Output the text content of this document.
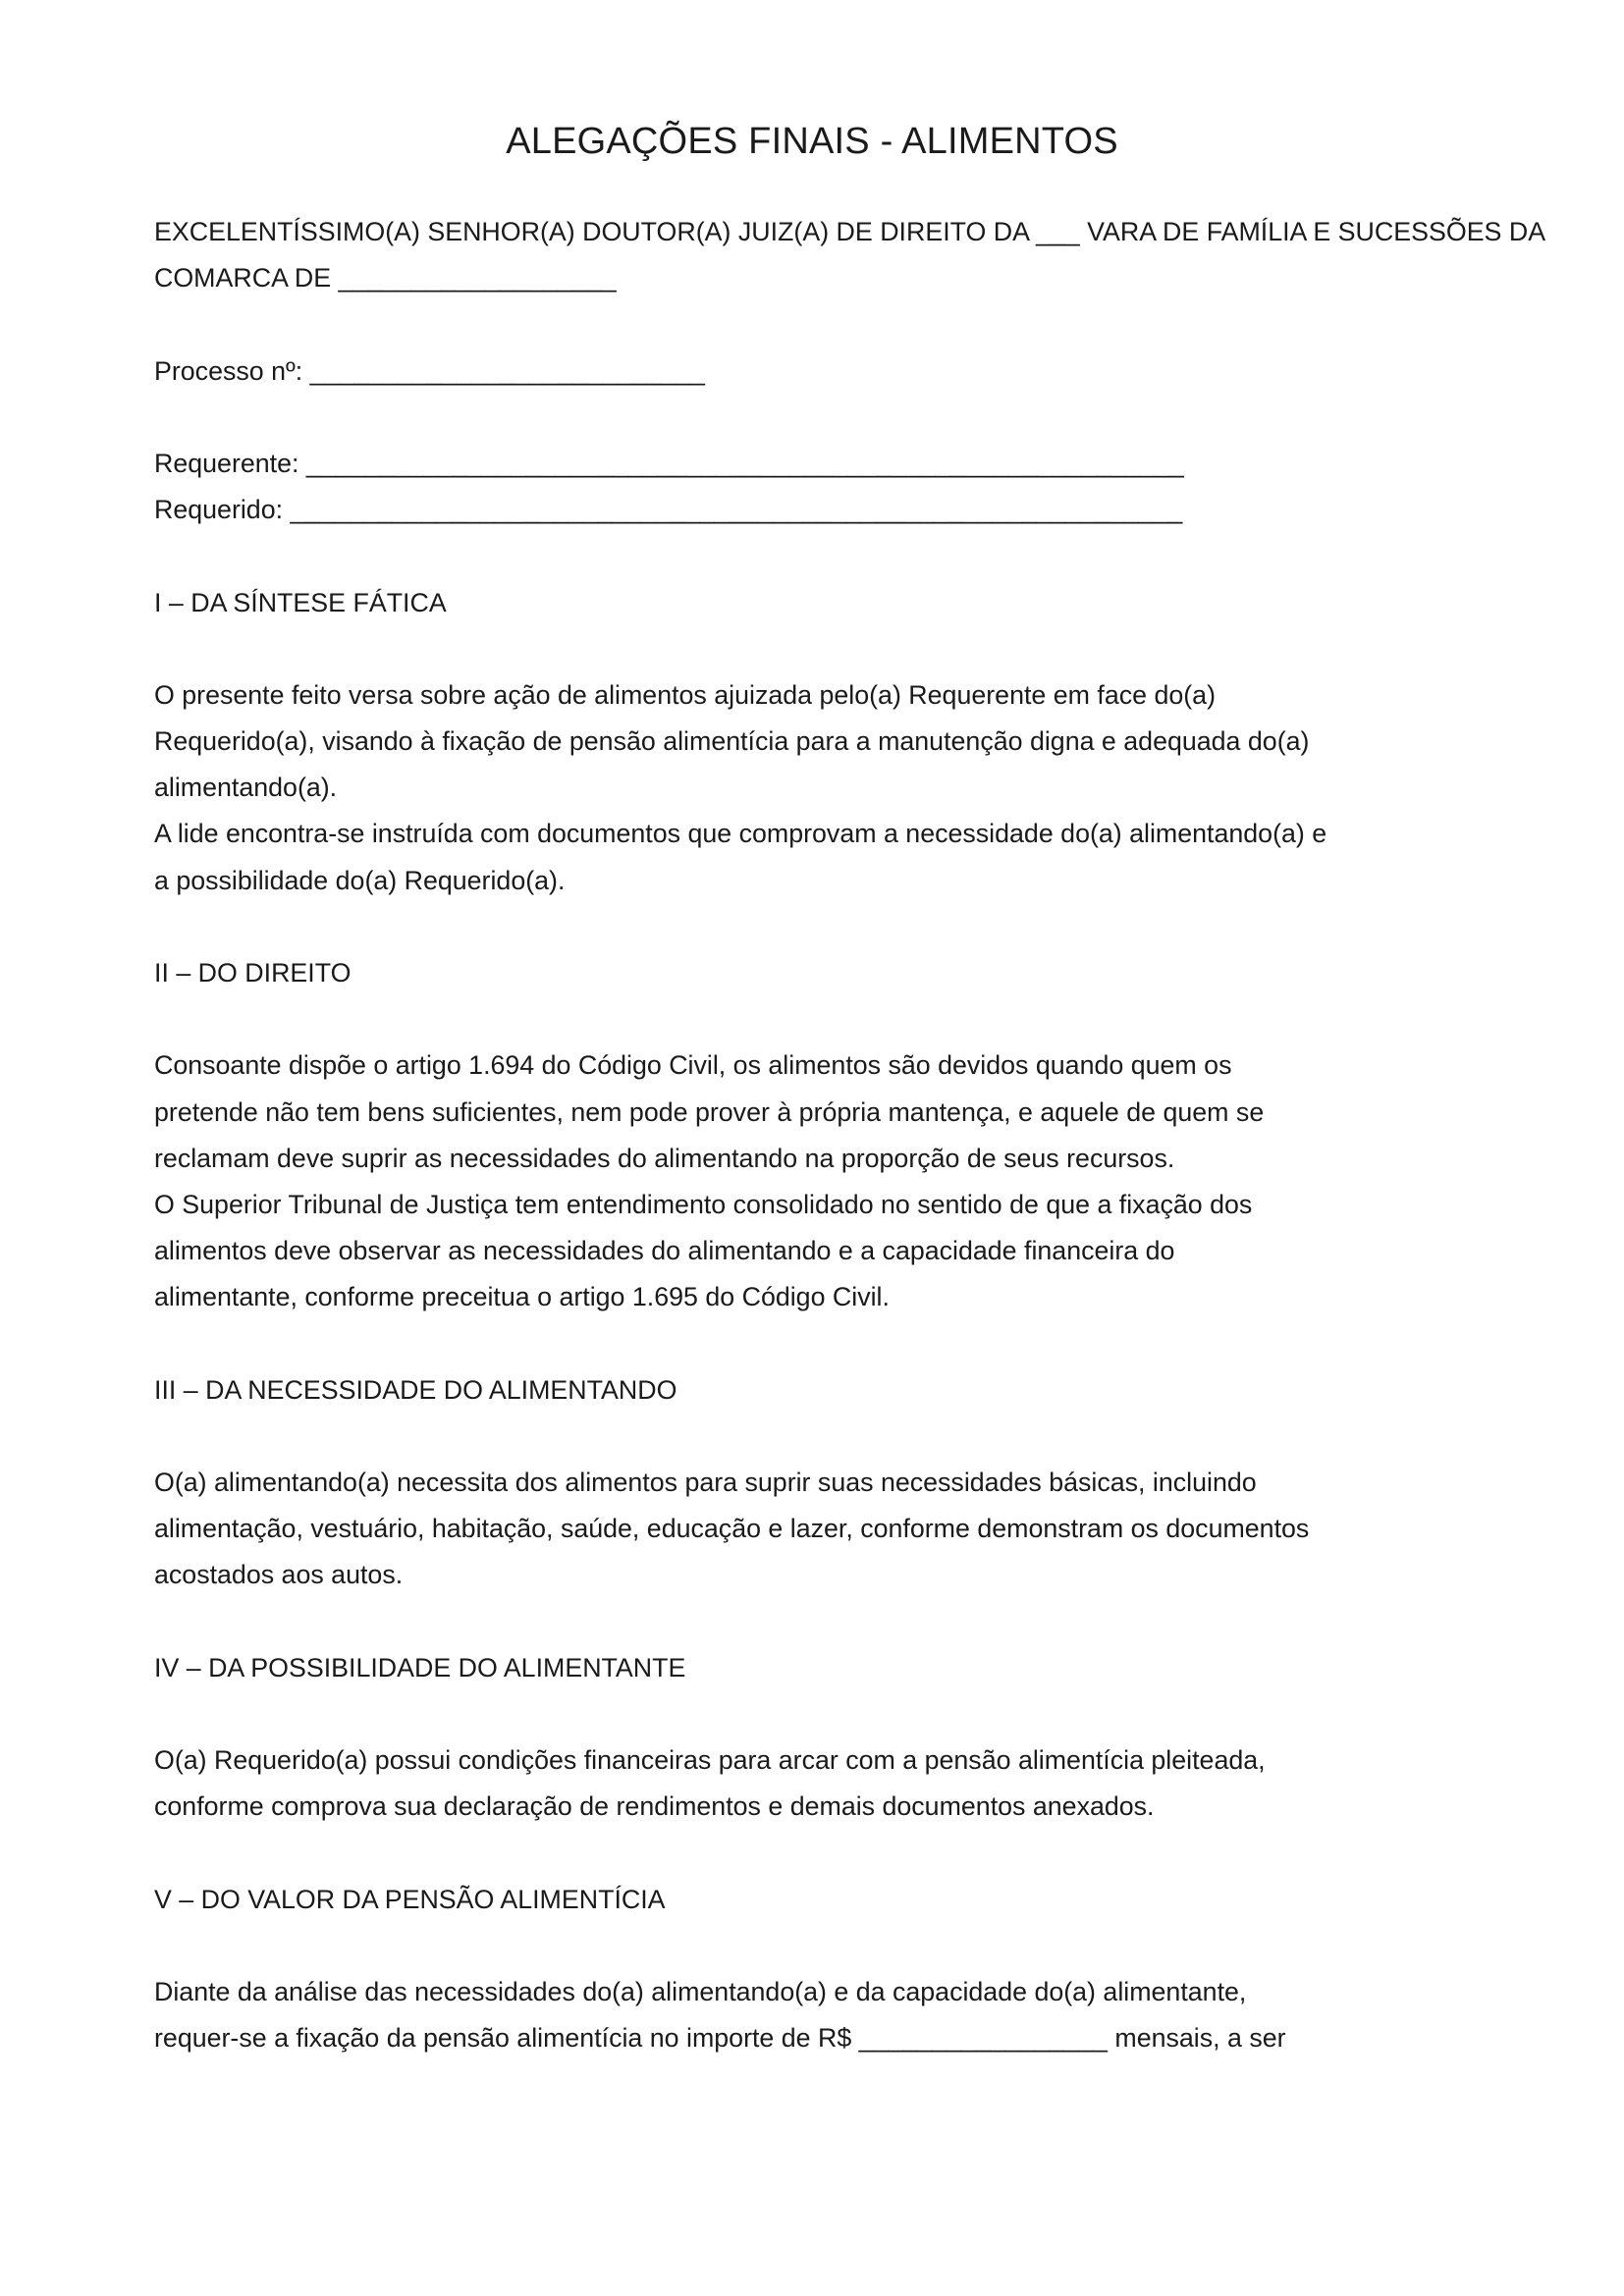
ALEGAÇÕES FINAIS - ALIMENTOS
EXCELENTÍSSIMO(A) SENHOR(A) DOUTOR(A) JUIZ(A) DE DIREITO DA ___ VARA DE FAMÍLIA E SUCESSÕES DA
COMARCA DE ___________________
Processo nº: ___________________________
Requerente: ____________________________________________________________
Requerido: _____________________________________________________________
I – DA SÍNTESE FÁTICA
O presente feito versa sobre ação de alimentos ajuizada pelo(a) Requerente em face do(a)
Requerido(a), visando à fixação de pensão alimentícia para a manutenção digna e adequada do(a)
alimentando(a).
A lide encontra-se instruída com documentos que comprovam a necessidade do(a) alimentando(a) e
a possibilidade do(a) Requerido(a).
II – DO DIREITO
Consoante dispõe o artigo 1.694 do Código Civil, os alimentos são devidos quando quem os
pretende não tem bens suficientes, nem pode prover à própria mantença, e aquele de quem se
reclamam deve suprir as necessidades do alimentando na proporção de seus recursos.
O Superior Tribunal de Justiça tem entendimento consolidado no sentido de que a fixação dos
alimentos deve observar as necessidades do alimentando e a capacidade financeira do
alimentante, conforme preceitua o artigo 1.695 do Código Civil.
III – DA NECESSIDADE DO ALIMENTANDO
O(a) alimentando(a) necessita dos alimentos para suprir suas necessidades básicas, incluindo
alimentação, vestuário, habitação, saúde, educação e lazer, conforme demonstram os documentos
acostados aos autos.
IV – DA POSSIBILIDADE DO ALIMENTANTE
O(a) Requerido(a) possui condições financeiras para arcar com a pensão alimentícia pleiteada,
conforme comprova sua declaração de rendimentos e demais documentos anexados.
V – DO VALOR DA PENSÃO ALIMENTÍCIA
Diante da análise das necessidades do(a) alimentando(a) e da capacidade do(a) alimentante,
requer-se a fixação da pensão alimentícia no importe de R$ _________________ mensais, a ser
